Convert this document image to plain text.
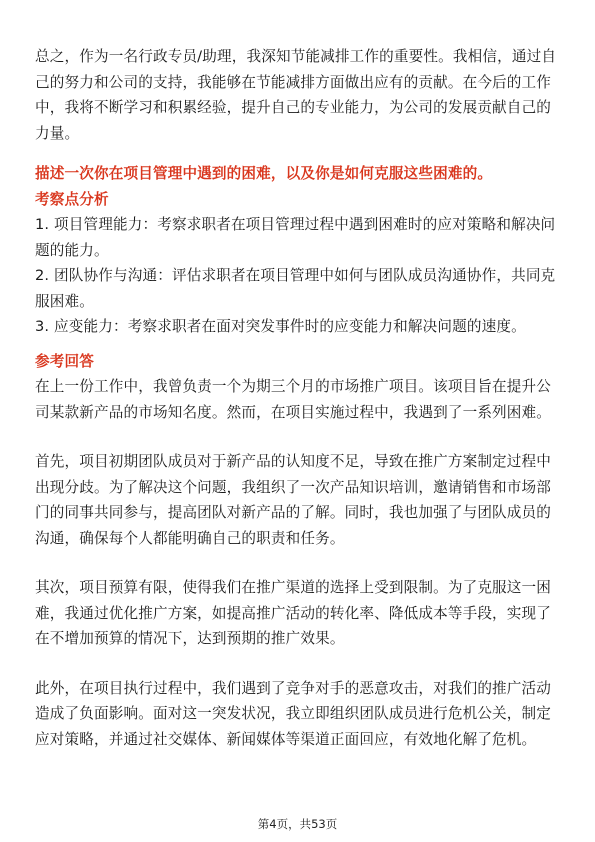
总之，作为一名行政专员/助理，我深知节能减排工作的重要性。我相信，通过自己的努力和公司的支持，我能够在节能减排方面做出应有的贡献。在今后的工作中，我将不断学习和积累经验，提升自己的专业能力，为公司的发展贡献自己的力量。

描述一次你在项目管理中遇到的困难，以及你是如何克服这些困难的。

考察点分析

1. 项目管理能力：考察求职者在项目管理过程中遇到困难时的应对策略和解决问题的能力。

2. 团队协作与沟通：评估求职者在项目管理中如何与团队成员沟通协作，共同克服困难。

3. 应变能力：考察求职者在面对突发事件时的应变能力和解决问题的速度。

参考回答

在上一份工作中，我曾负责一个为期三个月的市场推广项目。该项目旨在提升公司某款新产品的市场知名度。然而，在项目实施过程中，我遇到了一系列困难。

首先，项目初期团队成员对于新产品的认知度不足，导致在推广方案制定过程中出现分歧。为了解决这个问题，我组织了一次产品知识培训，邀请销售和市场部门的同事共同参与，提高团队对新产品的了解。同时，我也加强了与团队成员的沟通，确保每个人都能明确自己的职责和任务。

其次，项目预算有限，使得我们在推广渠道的选择上受到限制。为了克服这一困难，我通过优化推广方案，如提高推广活动的转化率、降低成本等手段，实现了在不增加预算的情况下，达到预期的推广效果。

此外，在项目执行过程中，我们遇到了竞争对手的恶意攻击，对我们的推广活动造成了负面影响。面对这一突发状况，我立即组织团队成员进行危机公关，制定应对策略，并通过社交媒体、新闻媒体等渠道正面回应，有效地化解了危机。

第4页，共53页
